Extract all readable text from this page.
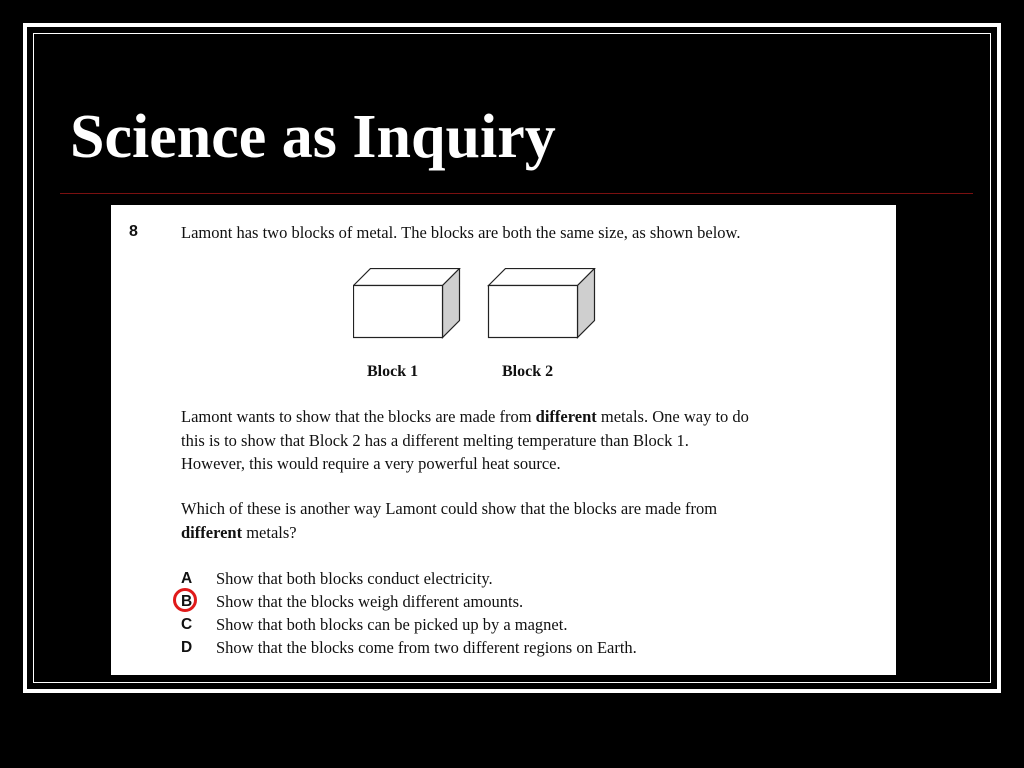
Science as Inquiry
8	Lamont has two blocks of metal. The blocks are both the same size, as shown below.
Block 1	Block 2
Lamont wants to show that the blocks are made from different metals. One way to do
this is to show that Block 2 has a different melting temperature than Block 1.
However, this would require a very powerful heat source.
Which of these is another way Lamont could show that the blocks are made from
different metals?
A Show that both blocks conduct electricity.
B Show that the blocks weigh different amounts.
C Show that both blocks can be picked up by a magnet.
D Show that the blocks come from two different regions on Earth.
